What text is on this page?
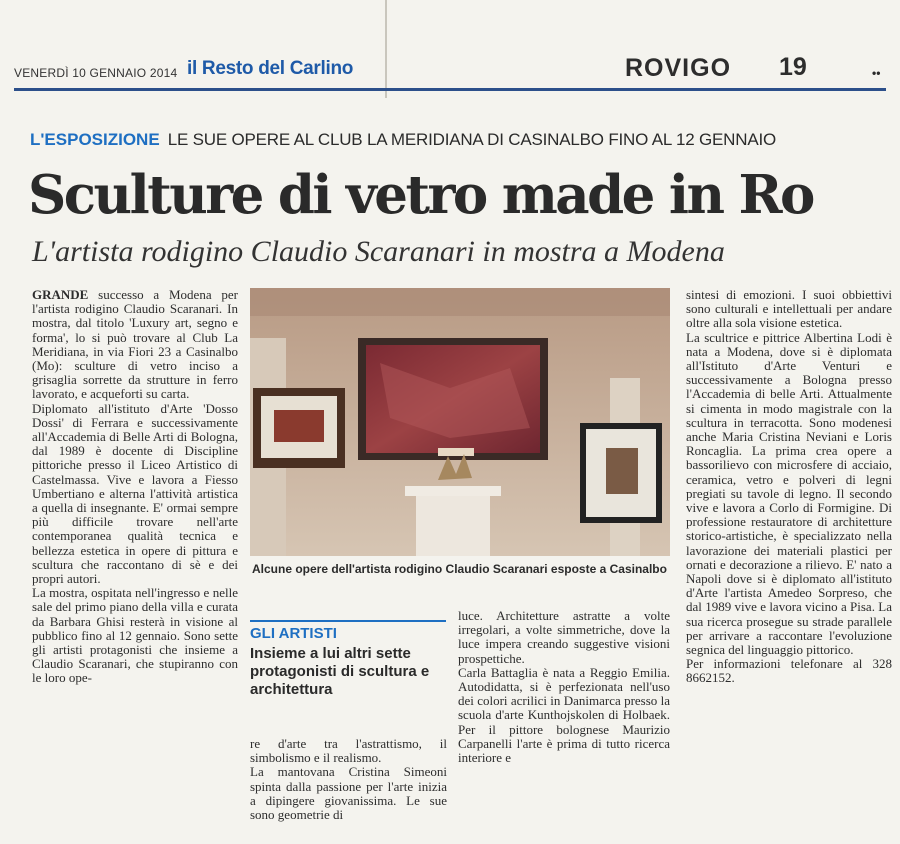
VENERDÌ 10 GENNAIO 2014 il Resto del Carlino	ROVIGO 19	••
L'ESPOSIZIONE LE SUE OPERE AL CLUB LA MERIDIANA DI CASINALBO FINO AL 12 GENNAIO
Sculture di vetro made in Ro
L'artista rodigino Claudio Scaranari in mostra a Modena

GRANDE successo a Modena per l'artista rodigino Claudio Scaranari. In mostra, dal titolo 'Luxury art, segno e forma', lo si può trovare al Club La Meridiana, in via Fiori 23 a Casinalbo (Mo): sculture di vetro inciso a grisaglia sorrette da strutture in ferro lavorato, e acqueforti su carta.

Diplomato all'istituto d'Arte 'Dosso Dossi' di Ferrara e successivamente all'Accademia di Belle Arti di Bologna, dal 1989 è docente di Discipline pittoriche presso il Liceo Artistico di Castelmassa. Vive e lavora a Fiesso Umbertiano e alterna l'attività artistica a quella di insegnante. E' ormai sempre più difficile trovare nell'arte contemporanea qualità tecnica e bellezza estetica in opere di pittura e scultura che raccontano di sè e dei propri autori.

La mostra, ospitata nell'ingresso e nelle sale del primo piano della villa e curata da Barbara Ghisi resterà in visione al pubblico fino al 12 gennaio. Sono sette gli artisti protagonisti che insieme a Claudio Scaranari, che stupiranno con le loro ope-

Alcune opere dell'artista rodigino Claudio Scaranari esposte a Casinalbo
GLI ARTISTI
Insieme a lui altri sette protagonisti di scultura e architettura

re d'arte tra l'astrattismo, il simbolismo e il realismo.

La mantovana Cristina Simeoni spinta dalla passione per l'arte inizia a dipingere giovanissima. Le sue sono geometrie di

luce. Architetture astratte a volte irregolari, a volte simmetriche, dove la luce impera creando suggestive visioni prospettiche.

Carla Battaglia è nata a Reggio Emilia. Autodidatta, si è perfezionata nell'uso dei colori acrilici in Danimarca presso la scuola d'arte Kunthojskolen di Holbaek. Per il pittore bolognese Maurizio Carpanelli l'arte è prima di tutto ricerca interiore e

sintesi di emozioni. I suoi obbiettivi sono culturali e intellettuali per andare oltre alla sola visione estetica.

La scultrice e pittrice Albertina Lodi è nata a Modena, dove si è diplomata all'Istituto d'Arte Venturi e successivamente a Bologna presso l'Accademia di belle Arti. Attualmente si cimenta in modo magistrale con la scultura in terracotta. Sono modenesi anche Maria Cristina Neviani e Loris Roncaglia. La prima crea opere a bassorilievo con microsfere di acciaio, ceramica, vetro e polveri di legni pregiati su tavole di legno. Il secondo vive e lavora a Corlo di Formigine. Di professione restauratore di architetture storico-artistiche, è specializzato nella lavorazione dei materiali plastici per ornati e decorazione a rilievo. E' nato a Napoli dove si è diplomato all'istituto d'Arte l'artista Amedeo Sorpreso, che dal 1989 vive e lavora vicino a Pisa. La sua ricerca prosegue su strade parallele per arrivare a raccontare l'evoluzione segnica del linguaggio pittorico.

Per informazioni telefonare al 328 8662152.
